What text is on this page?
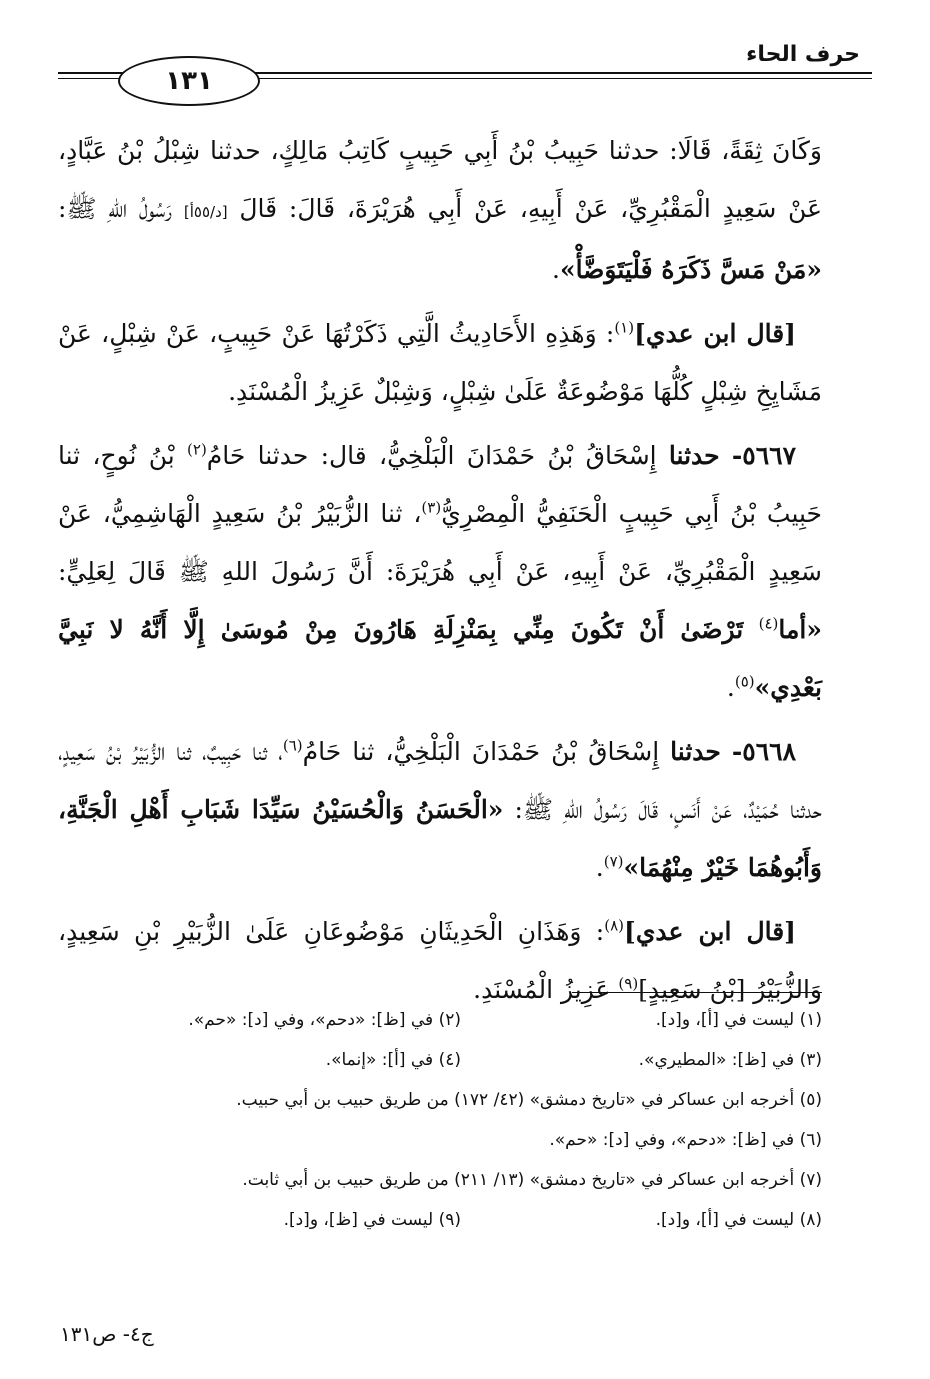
حرف الحاء
١٣١

وَكَانَ ثِقَةً، قَالَا: حدثنا حَبِيبُ بْنُ أَبِي حَبِيبٍ كَاتِبُ مَالِكٍ، حدثنا شِبْلُ بْنُ عَبَّادٍ، عَنْ سَعِيدٍ الْمَقْبُرِيِّ، عَنْ أَبِيهِ، عَنْ أَبِي هُرَيْرَةَ، قَالَ: قَالَ [د/٥٥أ] رَسُولُ اللهِ ﷺ: «مَنْ مَسَّ ذَكَرَهُ فَلْيَتَوَضَّأْ».

[قال ابن عدي]$^{(١)}$: وَهَذِهِ الأَحَادِيثُ الَّتِي ذَكَرْتُهَا عَنْ حَبِيبٍ، عَنْ شِبْلٍ، عَنْ مَشَايِخِ شِبْلٍ كُلُّهَا مَوْضُوعَةٌ عَلَىٰ شِبْلٍ، وَشِبْلٌ عَزِيزُ الْمُسْنَدِ.

٥٦٦٧- حدثنا إِسْحَاقُ بْنُ حَمْدَانَ الْبَلْخِيُّ، قال: حدثنا حَامُ$^{(٢)}$ بْنُ نُوحٍ، ثنا حَبِيبُ بْنُ أَبِي حَبِيبٍ الْحَنَفِيُّ الْمِصْرِيُّ$^{(٣)}$، ثنا الزُّبَيْرُ بْنُ سَعِيدٍ الْهَاشِمِيُّ، عَنْ سَعِيدٍ الْمَقْبُرِيِّ، عَنْ أَبِيهِ، عَنْ أَبِي هُرَيْرَةَ: أَنَّ رَسُولَ اللهِ ﷺ قَالَ لِعَلِيٍّ: «أما$^{(٤)}$ تَرْضَىٰ أَنْ تَكُونَ مِنِّي بِمَنْزِلَةِ هَارُونَ مِنْ مُوسَىٰ إِلَّا أَنَّهُ لا نَبِيَّ بَعْدِي»$^{(٥)}$.

٥٦٦٨- حدثنا إِسْحَاقُ بْنُ حَمْدَانَ الْبَلْخِيُّ، ثنا حَامُ$^{(٦)}$، ثنا حَبِيبٌ، ثنا الزُّبَيْرُ بْنُ سَعِيدٍ، حدثنا حُمَيْدٌ، عَنْ أَنَسٍ، قَالَ رَسُولُ اللهِ ﷺ: «الْحَسَنُ وَالْحُسَيْنُ سَيِّدَا شَبَابِ أَهْلِ الْجَنَّةِ، وَأَبُوهُمَا خَيْرٌ مِنْهُمَا»$^{(٧)}$.

[قال ابن عدي]$^{(٨)}$: وَهَذَانِ الْحَدِيثَانِ مَوْضُوعَانِ عَلَىٰ الزُّبَيْرِ بْنِ سَعِيدٍ، وَالزُّبَيْرُ [بْنُ سَعِيدٍ]$^{(٩)}$ عَزِيزُ الْمُسْنَدِ.

(١) ليست في [أ]، و[د].
(٢) في [ظ]: «دحم»، وفي [د]: «حم».
(٣) في [ظ]: «المطيري».
(٤) في [أ]: «إنما».
(٥) أخرجه ابن عساكر في «تاريخ دمشق» (٤٢/ ١٧٢) من طريق حبيب بن أبي حبيب.
(٦) في [ظ]: «دحم»، وفي [د]: «حم».
(٧) أخرجه ابن عساكر في «تاريخ دمشق» (١٣/ ٢١١) من طريق حبيب بن أبي ثابت.
(٨) ليست في [أ]، و[د].
(٩) ليست في [ظ]، و[د].
ج٤- ص١٣١
